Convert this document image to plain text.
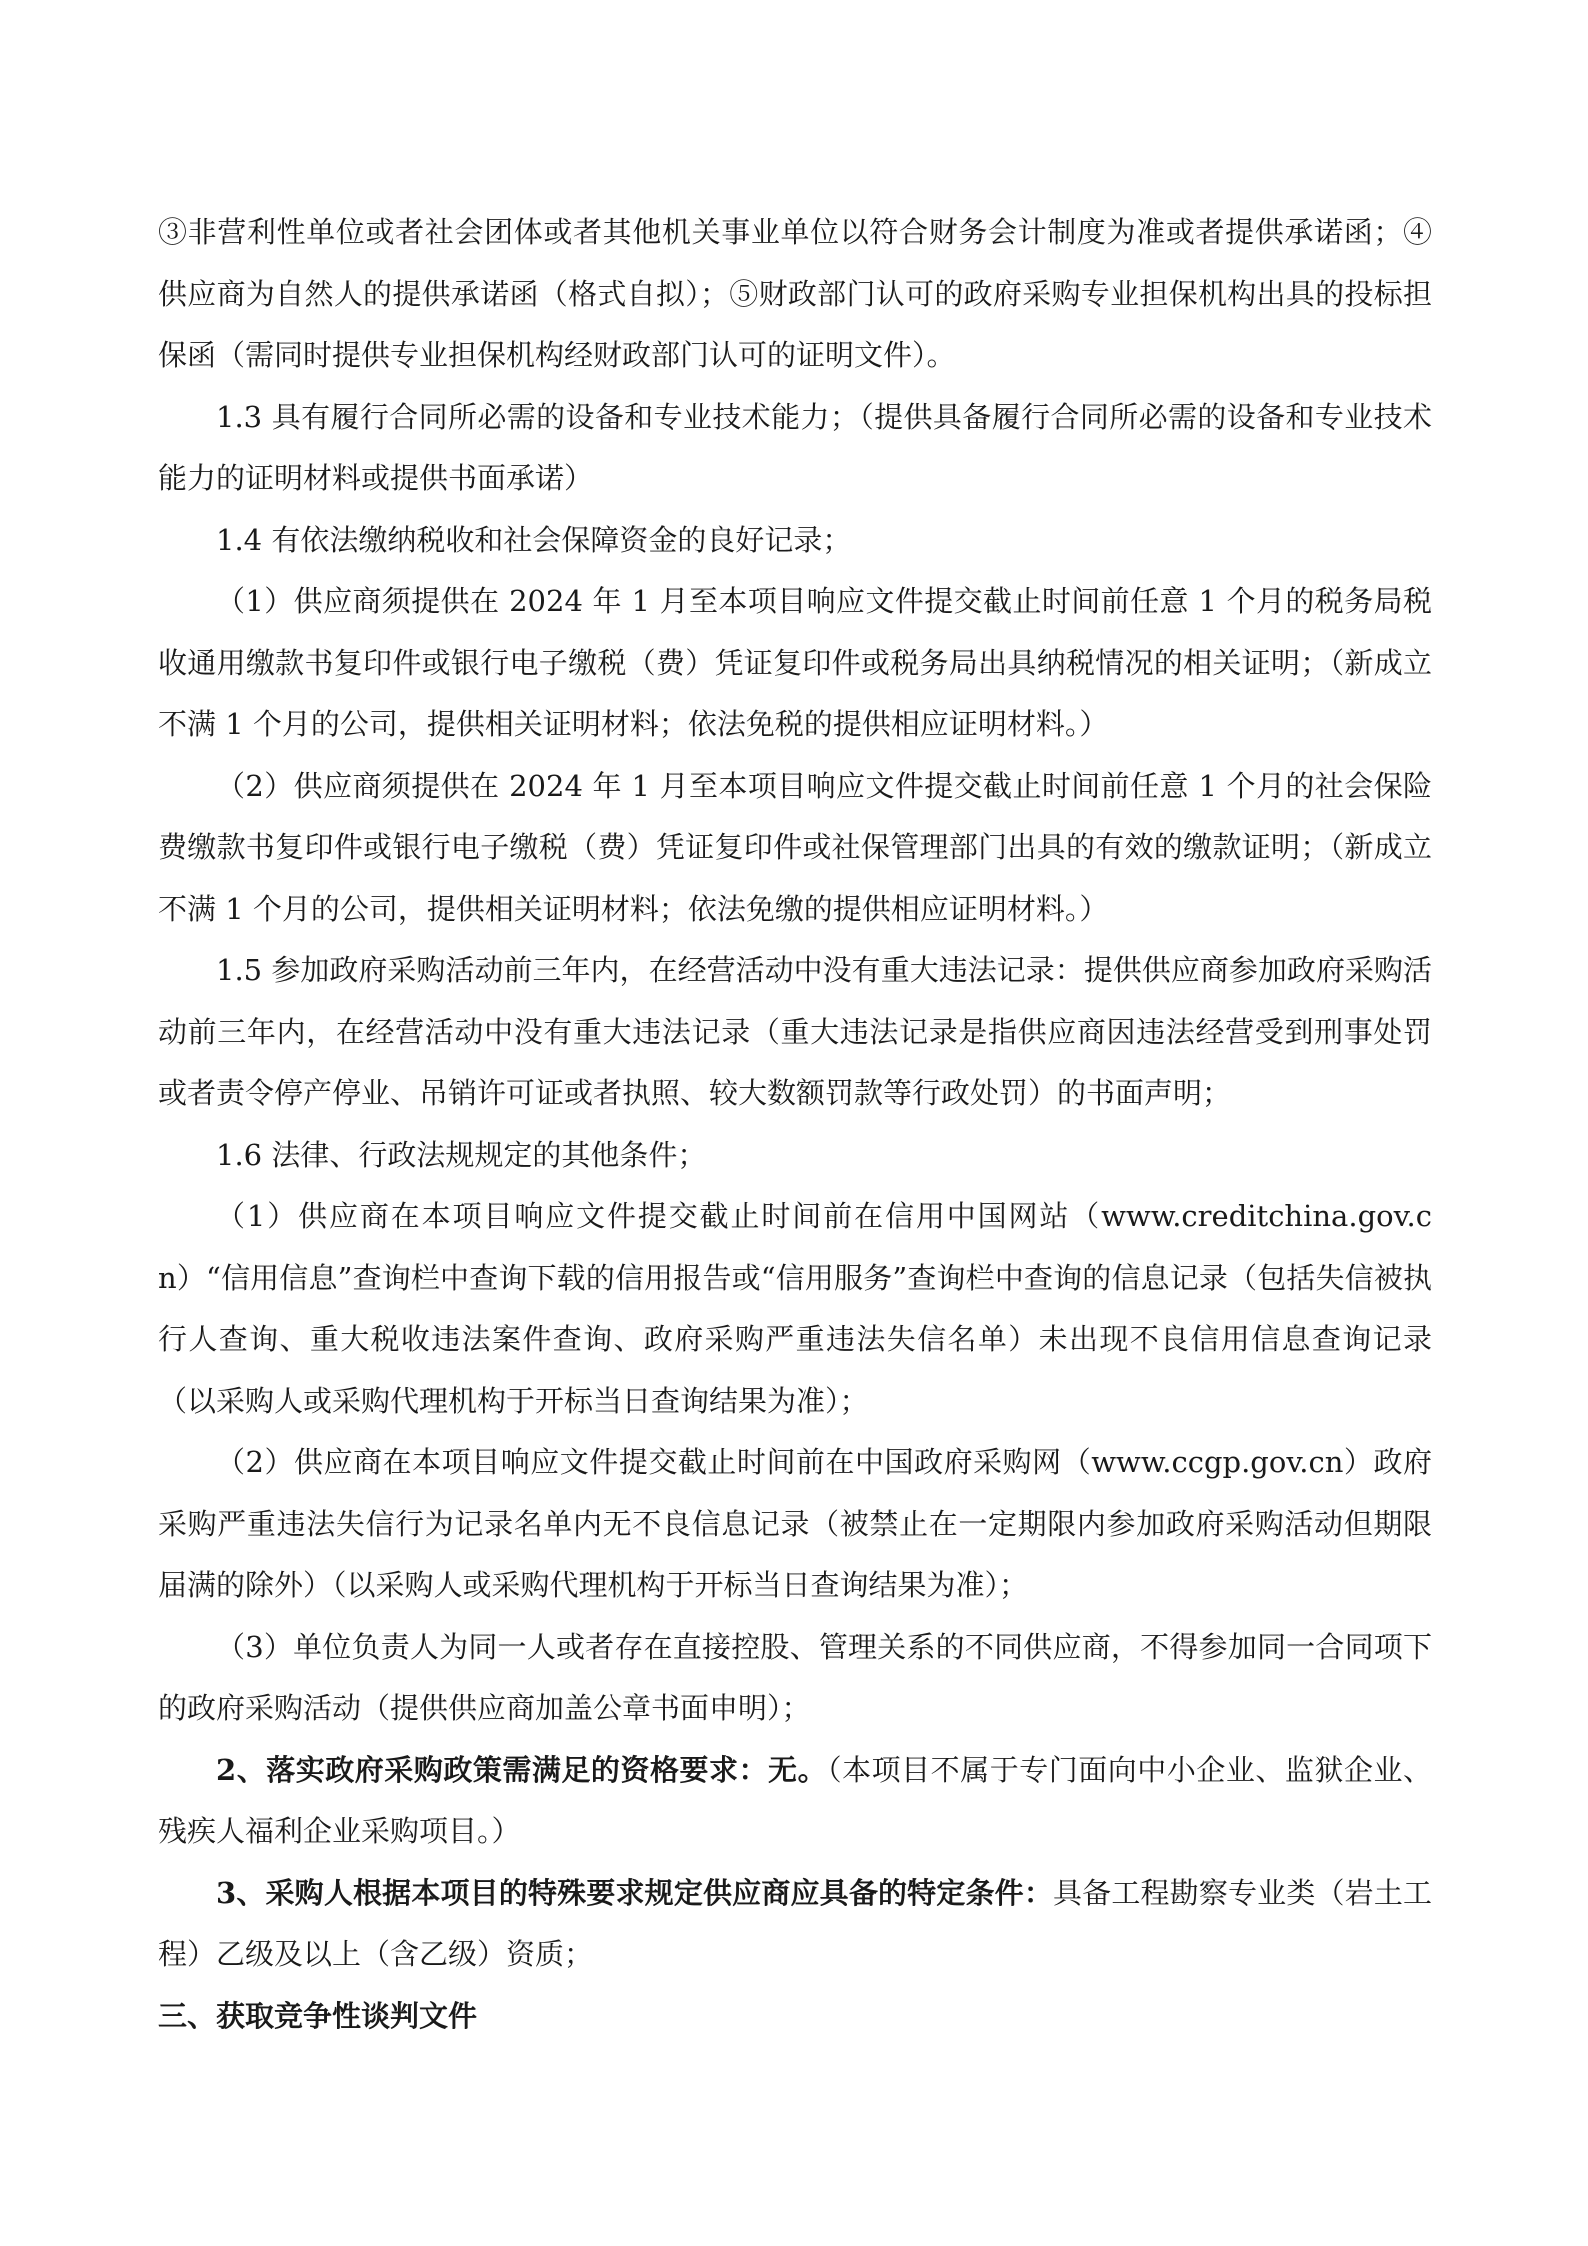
③非营利性单位或者社会团体或者其他机关事业单位以符合财务会计制度为准或者提供承诺函；④供应商为自然人的提供承诺函（格式自拟）；⑤财政部门认可的政府采购专业担保机构出具的投标担保函（需同时提供专业担保机构经财政部门认可的证明文件）。

1.3 具有履行合同所必需的设备和专业技术能力；（提供具备履行合同所必需的设备和专业技术能力的证明材料或提供书面承诺）

1.4 有依法缴纳税收和社会保障资金的良好记录；

（1）供应商须提供在 2024 年 1 月至本项目响应文件提交截止时间前任意 1 个月的税务局税收通用缴款书复印件或银行电子缴税（费）凭证复印件或税务局出具纳税情况的相关证明；（新成立不满 1 个月的公司，提供相关证明材料；依法免税的提供相应证明材料。）

（2）供应商须提供在 2024 年 1 月至本项目响应文件提交截止时间前任意 1 个月的社会保险费缴款书复印件或银行电子缴税（费）凭证复印件或社保管理部门出具的有效的缴款证明；（新成立不满 1 个月的公司，提供相关证明材料；依法免缴的提供相应证明材料。）

1.5 参加政府采购活动前三年内，在经营活动中没有重大违法记录：提供供应商参加政府采购活动前三年内，在经营活动中没有重大违法记录（重大违法记录是指供应商因违法经营受到刑事处罚或者责令停产停业、吊销许可证或者执照、较大数额罚款等行政处罚）的书面声明；

1.6 法律、行政法规规定的其他条件；

（1）供应商在本项目响应文件提交截止时间前在信用中国网站（www.creditchina.gov.cn）“信用信息”查询栏中查询下载的信用报告或“信用服务”查询栏中查询的信息记录（包括失信被执行人查询、重大税收违法案件查询、政府采购严重违法失信名单）未出现不良信用信息查询记录（以采购人或采购代理机构于开标当日查询结果为准）；

（2）供应商在本项目响应文件提交截止时间前在中国政府采购网（www.ccgp.gov.cn）政府采购严重违法失信行为记录名单内无不良信息记录（被禁止在一定期限内参加政府采购活动但期限届满的除外）（以采购人或采购代理机构于开标当日查询结果为准）；

（3）单位负责人为同一人或者存在直接控股、管理关系的不同供应商，不得参加同一合同项下的政府采购活动（提供供应商加盖公章书面申明）；

2、落实政府采购政策需满足的资格要求：无。（本项目不属于专门面向中小企业、监狱企业、残疾人福利企业采购项目。）

3、采购人根据本项目的特殊要求规定供应商应具备的特定条件：具备工程勘察专业类（岩土工程）乙级及以上（含乙级）资质；

三、获取竞争性谈判文件
